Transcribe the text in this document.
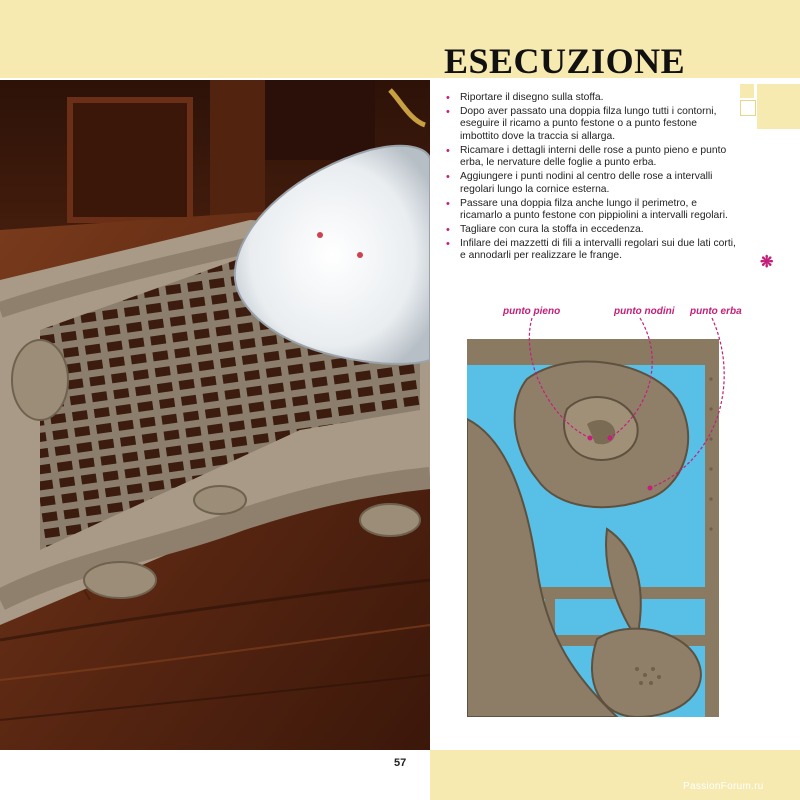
ESECUZIONE
• Riportare il disegno sulla stoffa.
• Dopo aver passato una doppia filza lungo tutti i contorni, eseguire il ricamo a punto festone o a punto festone imbottito dove la traccia si allarga.
• Ricamare i dettagli interni delle rose a punto pieno e punto erba, le nervature delle foglie a punto erba.
• Aggiungere i punti nodini al centro delle rose a intervalli regolari lungo la cornice esterna.
• Passare una doppia filza anche lungo il perimetro, e ricamarlo a punto festone con pippiolini a intervalli regolari.
• Tagliare con cura la stoffa in eccedenza.
• Infilare dei mazzetti di fili a intervalli regolari sui due lati corti, e annodarli per realizzare le frange.	❋
punto pieno	punto nodini punto erba
57
PassionForum.ru
